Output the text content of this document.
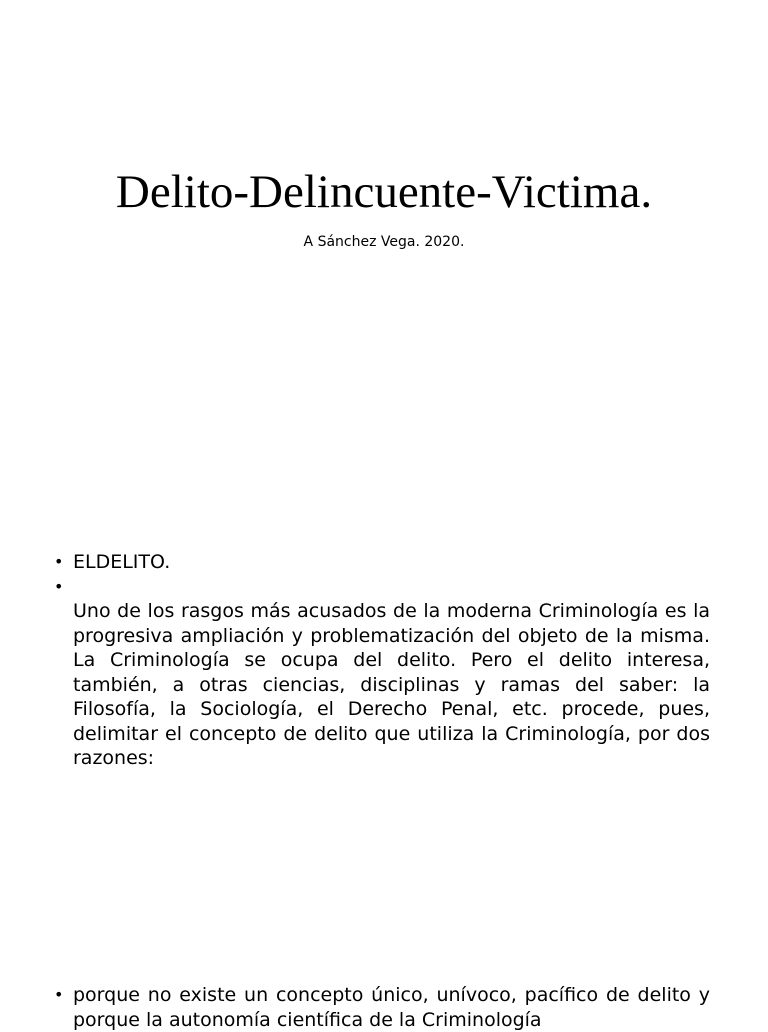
Delito-Delincuente-Victima.
A Sánchez Vega. 2020.
• ELDELITO.
•

Uno de los rasgos más acusados de la moderna Criminología es la progresiva ampliación y problematización del objeto de la misma. La Criminología se ocupa del delito. Pero el delito interesa, también, a otras ciencias, disciplinas y ramas del saber: la Filosofía, la Sociología, el Derecho Penal, etc. procede, pues, delimitar el concepto de delito que utiliza la Criminología, por dos razones:
• porque no existe un concepto único, unívoco, pacífico de delito y porque la autonomía científica de la Criminología
